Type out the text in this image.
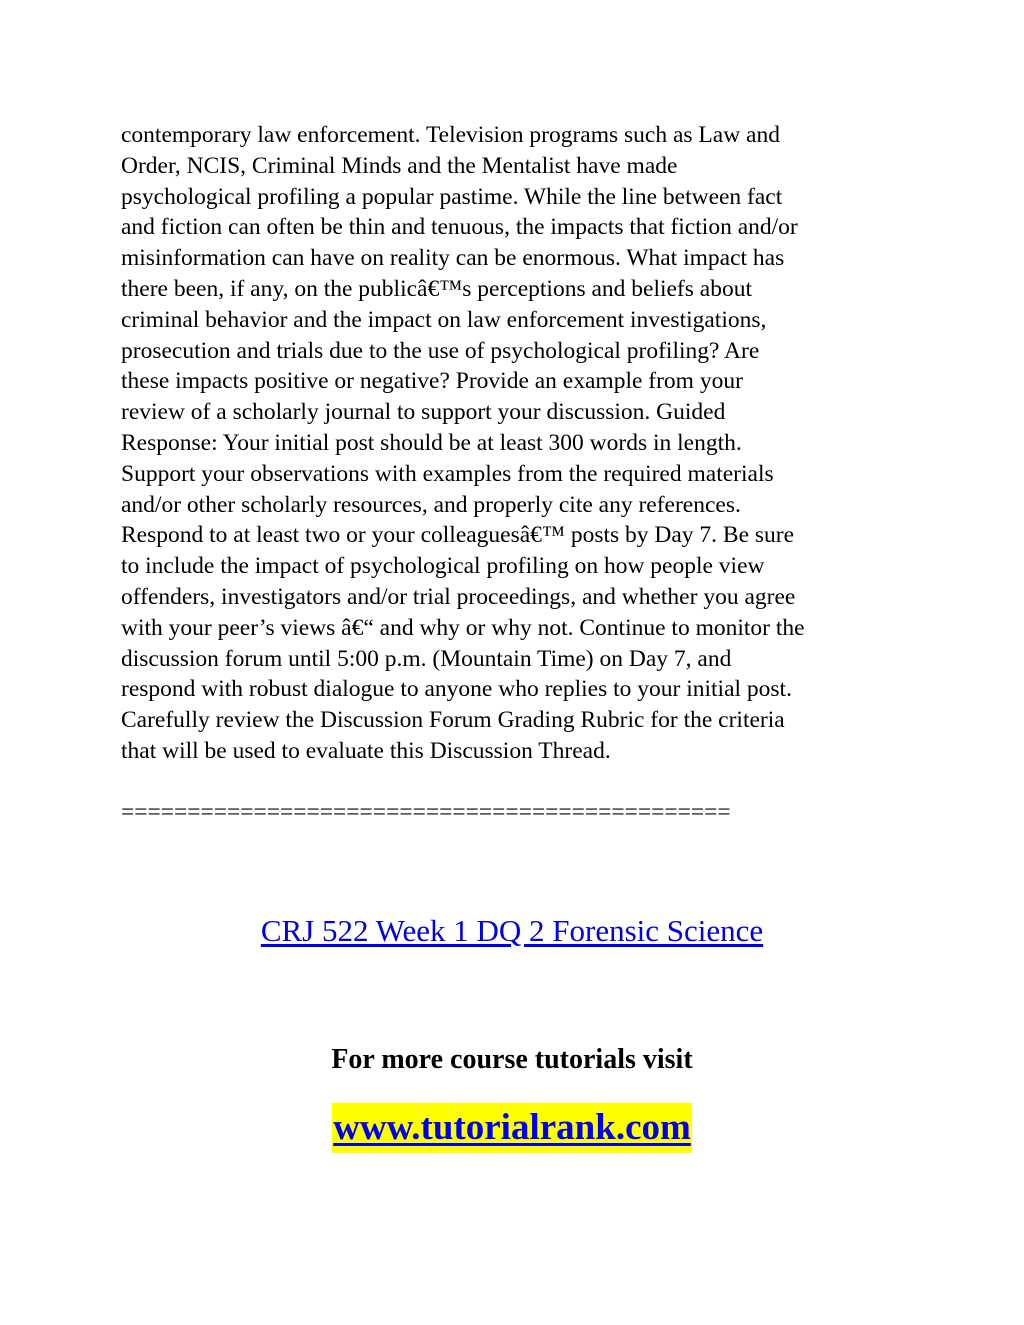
contemporary law enforcement. Television programs such as Law and
Order, NCIS, Criminal Minds and the Mentalist have made
psychological profiling a popular pastime. While the line between fact
and fiction can often be thin and tenuous, the impacts that fiction and/or
misinformation can have on reality can be enormous. What impact has
there been, if any, on the publicâ€™s perceptions and beliefs about
criminal behavior and the impact on law enforcement investigations,
prosecution and trials due to the use of psychological profiling? Are
these impacts positive or negative? Provide an example from your
review of a scholarly journal to support your discussion. Guided
Response: Your initial post should be at least 300 words in length.
Support your observations with examples from the required materials
and/or other scholarly resources, and properly cite any references.
Respond to at least two or your colleaguesâ€™ posts by Day 7. Be sure
to include the impact of psychological profiling on how people view
offenders, investigators and/or trial proceedings, and whether you agree
with your peer’s views â€“ and why or why not. Continue to monitor the
discussion forum until 5:00 p.m. (Mountain Time) on Day 7, and
respond with robust dialogue to anyone who replies to your initial post.
Carefully review the Discussion Forum Grading Rubric for the criteria
that will be used to evaluate this Discussion Thread.

==============================================

CRJ 522 Week 1 DQ 2 Forensic Science

For more course tutorials visit

www.tutorialrank.com
